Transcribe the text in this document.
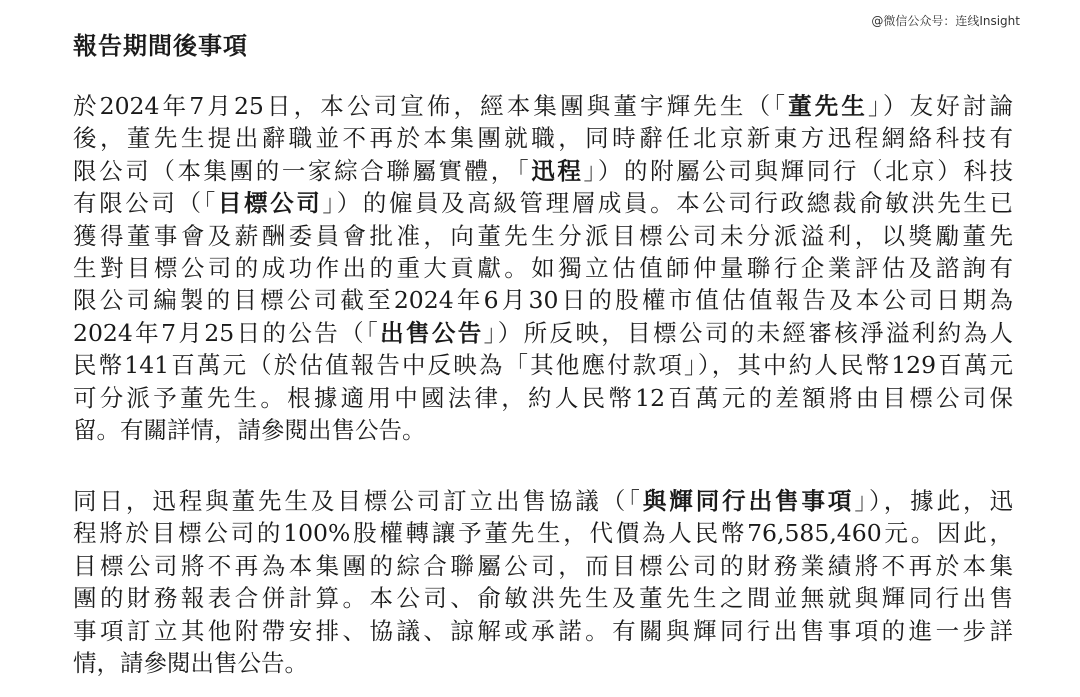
@微信公众号：连线Insight
報告期間後事項
於2024年7月25日，本公司宣佈，經本集團與董宇輝先生（「董先生」）友好討論
後，董先生提出辭職並不再於本集團就職，同時辭任北京新東方迅程網絡科技有
限公司（本集團的一家綜合聯屬實體，「迅程」）的附屬公司與輝同行（北京）科技
有限公司（「目標公司」）的僱員及高級管理層成員。本公司行政總裁俞敏洪先生已
獲得董事會及薪酬委員會批准，向董先生分派目標公司未分派溢利，以獎勵董先
生對目標公司的成功作出的重大貢獻。如獨立估值師仲量聯行企業評估及諮詢有
限公司編製的目標公司截至2024年6月30日的股權市值估值報告及本公司日期為
2024年7月25日的公告（「出售公告」）所反映，目標公司的未經審核淨溢利約為人
民幣141百萬元（於估值報告中反映為「其他應付款項」），其中約人民幣129百萬元
可分派予董先生。根據適用中國法律，約人民幣12百萬元的差額將由目標公司保
留。有關詳情，請參閱出售公告。
同日，迅程與董先生及目標公司訂立出售協議（「與輝同行出售事項」），據此，迅
程將於目標公司的100%股權轉讓予董先生，代價為人民幣76,585,460元。因此，
目標公司將不再為本集團的綜合聯屬公司，而目標公司的財務業績將不再於本集
團的財務報表合併計算。本公司、俞敏洪先生及董先生之間並無就與輝同行出售
事項訂立其他附帶安排、協議、諒解或承諾。有關與輝同行出售事項的進一步詳
情，請參閱出售公告。
